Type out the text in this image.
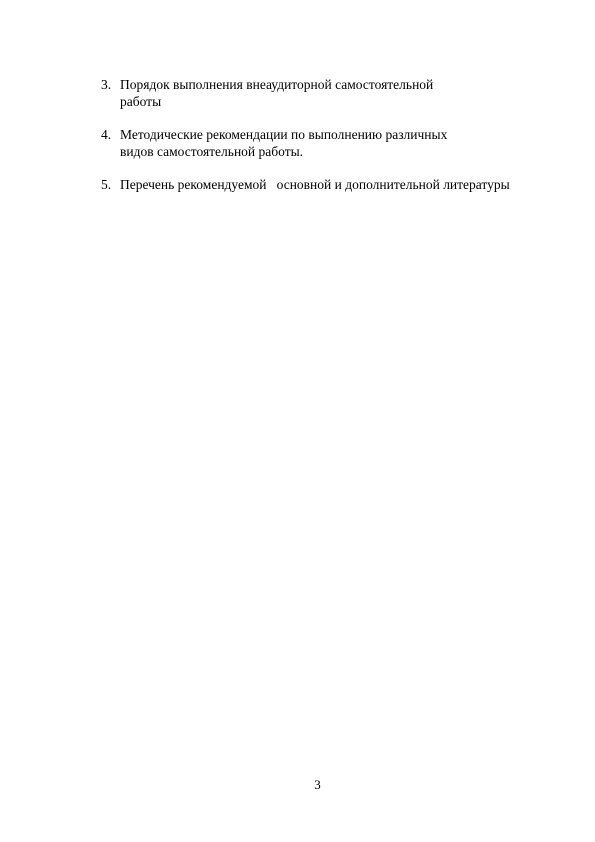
3. Порядок выполнения внеаудиторной самостоятельной
работы
4. Методические рекомендации по выполнению различных
видов самостоятельной работы.
5. Перечень рекомендуемой   основной и дополнительной литературы
3
